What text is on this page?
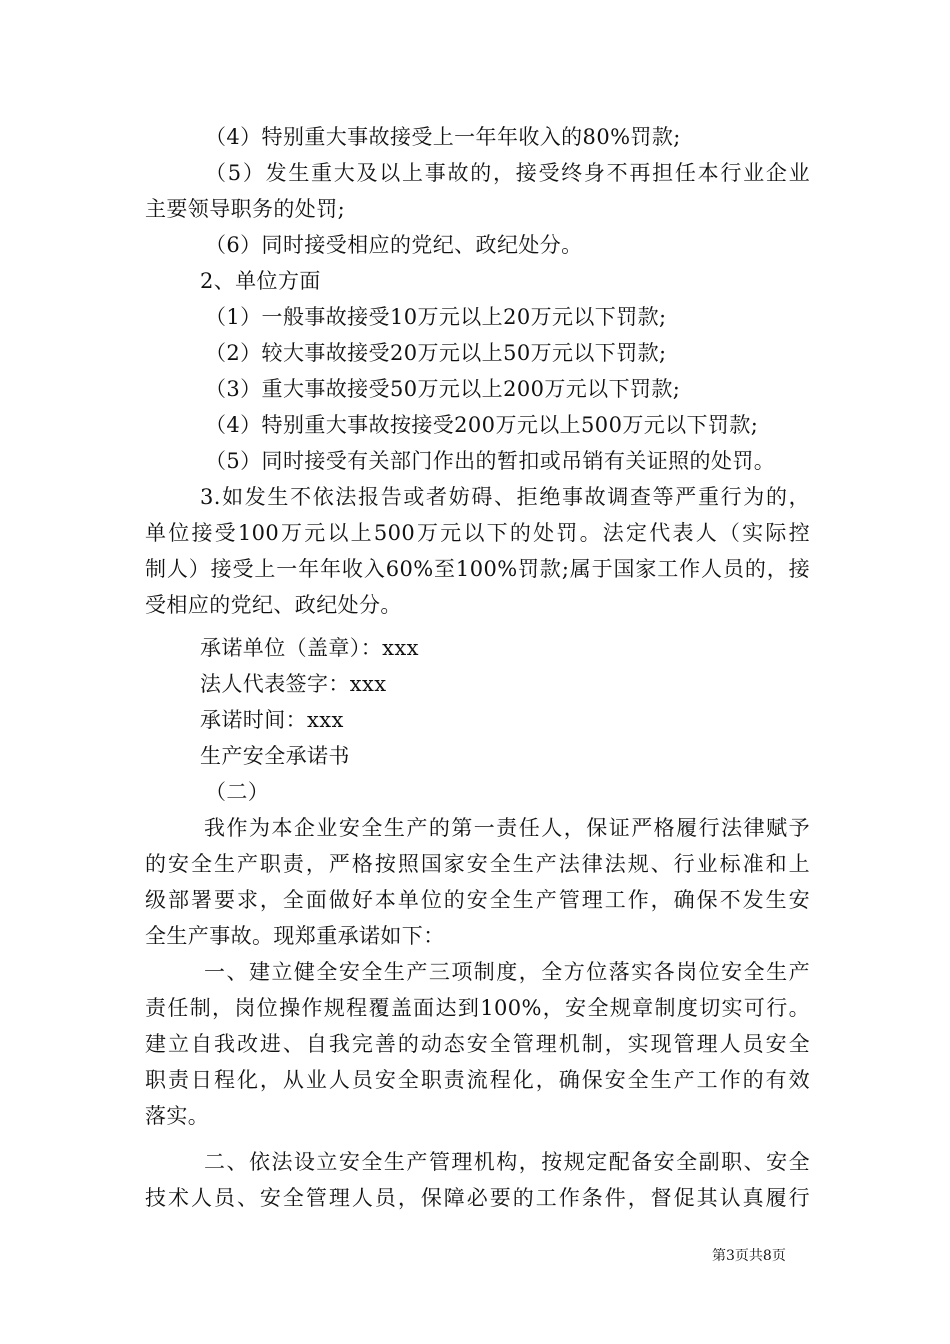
（4）特别重大事故接受上一年年收入的80%罚款;
（5）发生重大及以上事故的，接受终身不再担任本行业企业
主要领导职务的处罚;
（6）同时接受相应的党纪、政纪处分。
2、单位方面
（1）一般事故接受10万元以上20万元以下罚款;
（2）较大事故接受20万元以上50万元以下罚款;
（3）重大事故接受50万元以上200万元以下罚款;
（4）特别重大事故按接受200万元以上500万元以下罚款;
（5）同时接受有关部门作出的暂扣或吊销有关证照的处罚。
3.如发生不依法报告或者妨碍、拒绝事故调查等严重行为的，
单位接受100万元以上500万元以下的处罚。法定代表人（实际控
制人）接受上一年年收入60%至100%罚款;属于国家工作人员的，接
受相应的党纪、政纪处分。
承诺单位（盖章）：xxx
法人代表签字：xxx
承诺时间：xxx
生产安全承诺书
（二）
我作为本企业安全生产的第一责任人，保证严格履行法律赋予
的安全生产职责，严格按照国家安全生产法律法规、行业标准和上
级部署要求，全面做好本单位的安全生产管理工作，确保不发生安
全生产事故。现郑重承诺如下：
一、建立健全安全生产三项制度，全方位落实各岗位安全生产
责任制，岗位操作规程覆盖面达到100%，安全规章制度切实可行。
建立自我改进、自我完善的动态安全管理机制，实现管理人员安全
职责日程化，从业人员安全职责流程化，确保安全生产工作的有效
落实。
二、依法设立安全生产管理机构，按规定配备安全副职、安全
技术人员、安全管理人员，保障必要的工作条件，督促其认真履行
第3页共8页
